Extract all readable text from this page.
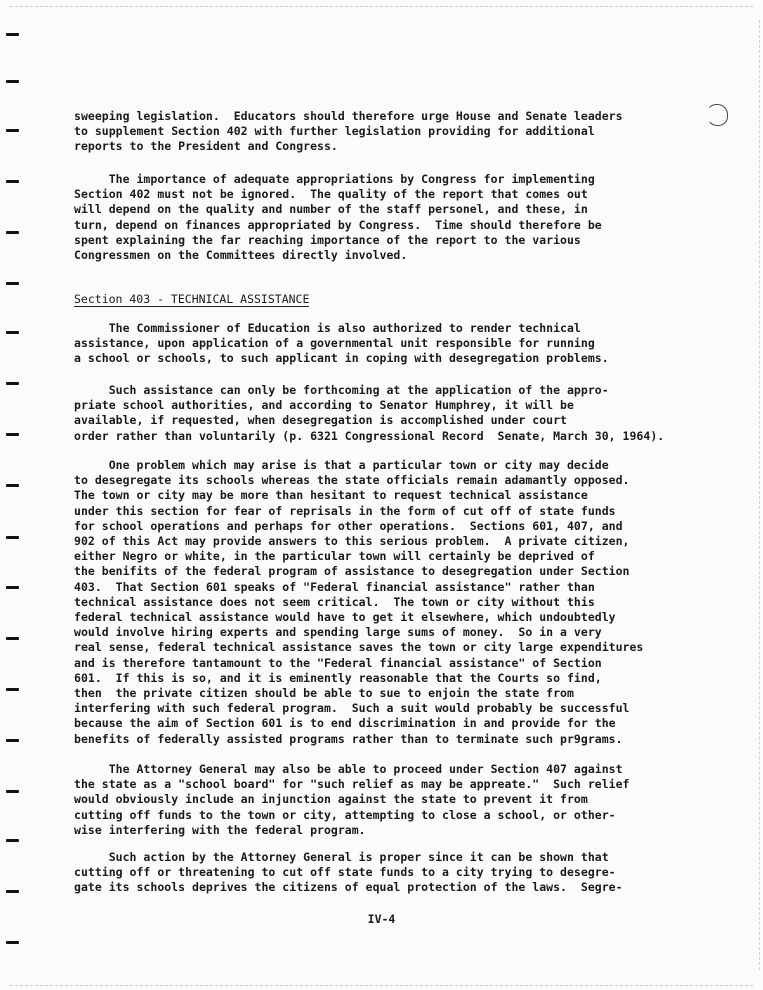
sweeping legislation.  Educators should therefore urge House and Senate leaders
to supplement Section 402 with further legislation providing for additional
reports to the President and Congress.
The importance of adequate appropriations by Congress for implementing
Section 402 must not be ignored.  The quality of the report that comes out
will depend on the quality and number of the staff personel, and these, in
turn, depend on finances appropriated by Congress.  Time should therefore be
spent explaining the far reaching importance of the report to the various
Congressmen on the Committees directly involved.
Section 403 - TECHNICAL ASSISTANCE
The Commissioner of Education is also authorized to render technical
assistance, upon application of a governmental unit responsible for running
a school or schools, to such applicant in coping with desegregation problems.
Such assistance can only be forthcoming at the application of the appro-
priate school authorities, and according to Senator Humphrey, it will be
available, if requested, when desegregation is accomplished under court
order rather than voluntarily (p. 6321 Congressional Record  Senate, March 30, 1964).
One problem which may arise is that a particular town or city may decide
to desegregate its schools whereas the state officials remain adamantly opposed.
The town or city may be more than hesitant to request technical assistance
under this section for fear of reprisals in the form of cut off of state funds
for school operations and perhaps for other operations.  Sections 601, 407, and
902 of this Act may provide answers to this serious problem.  A private citizen,
either Negro or white, in the particular town will certainly be deprived of
the benifits of the federal program of assistance to desegregation under Section
403.  That Section 601 speaks of "Federal financial assistance" rather than
technical assistance does not seem critical.  The town or city without this
federal technical assistance would have to get it elsewhere, which undoubtedly
would involve hiring experts and spending large sums of money.  So in a very
real sense, federal technical assistance saves the town or city large expenditures
and is therefore tantamount to the "Federal financial assistance" of Section
601.  If this is so, and it is eminently reasonable that the Courts so find,
then  the private citizen should be able to sue to enjoin the state from
interfering with such federal program.  Such a suit would probably be successful
because the aim of Section 601 is to end discrimination in and provide for the
benefits of federally assisted programs rather than to terminate such pr9grams.
The Attorney General may also be able to proceed under Section 407 against
the state as a "school board" for "such relief as may be appreate."  Such relief
would obviously include an injunction against the state to prevent it from
cutting off funds to the town or city, attempting to close a school, or other-
wise interfering with the federal program.
Such action by the Attorney General is proper since it can be shown that
cutting off or threatening to cut off state funds to a city trying to desegre-
gate its schools deprives the citizens of equal protection of the laws.  Segre-
IV-4
